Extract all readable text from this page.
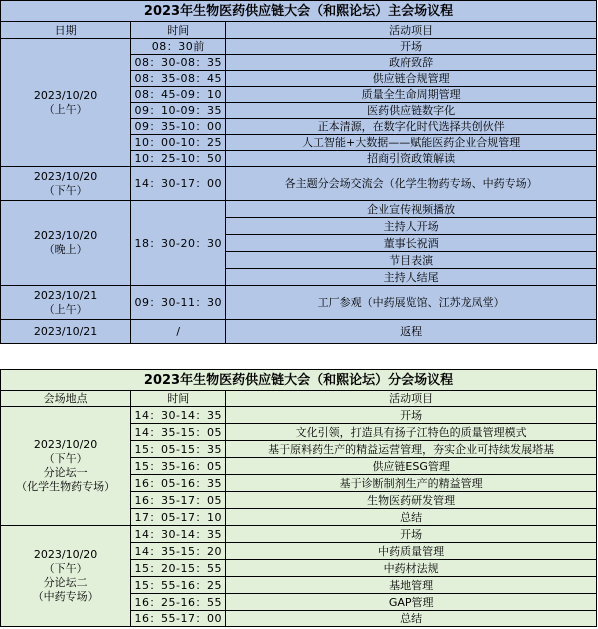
2023年生物医药供应链大会（和熙论坛）主会场议程		
日期	时间	活动项目
2023/10/20
（上午）	08：30前	开场
	08：30-08：35	政府致辞
	08：35-08：45	供应链合规管理
	08：45-09：10	质量全生命周期管理
	09：10-09：35	医药供应链数字化
	09：35-10：00	正本清源，在数字化时代选择共创伙伴
	10：00-10：25	人工智能+大数据——赋能医药企业合规管理
	10：25-10：50	招商引资政策解读
2023/10/20
（下午）	14：30-17：00	各主题分会场交流会（化学生物药专场、中药专场）
2023/10/20
（晚上）	18：30-20：30	企业宣传视频播放
		主持人开场
		董事长祝酒
		节目表演
		主持人结尾
2023/10/21
（上午）	09：30-11：30	工厂参观（中药展览馆、江苏龙凤堂）
2023/10/21	/	返程
2023年生物医药供应链大会（和熙论坛）分会场议程		
会场地点	时间	活动项目
2023/10/20
（下午）
分论坛一
（化学生物药专场）	14：30-14：35	开场
	14：35-15：05	文化引领，打造具有扬子江特色的质量管理模式
	15：05-15：35	基于原料药生产的精益运营管理，夯实企业可持续发展塔基
	15：35-16：05	供应链ESG管理
	16：05-16：35	基于诊断制剂生产的精益管理
	16：35-17：05	生物医药研发管理
	17：05-17：10	总结
2023/10/20
（下午）
分论坛二
（中药专场）	14：30-14：35	开场
	14：35-15：20	中药质量管理
	15：20-15：55	中药材法规
	15：55-16：25	基地管理
	16：25-16：55	GAP管理
	16：55-17：00	总结
